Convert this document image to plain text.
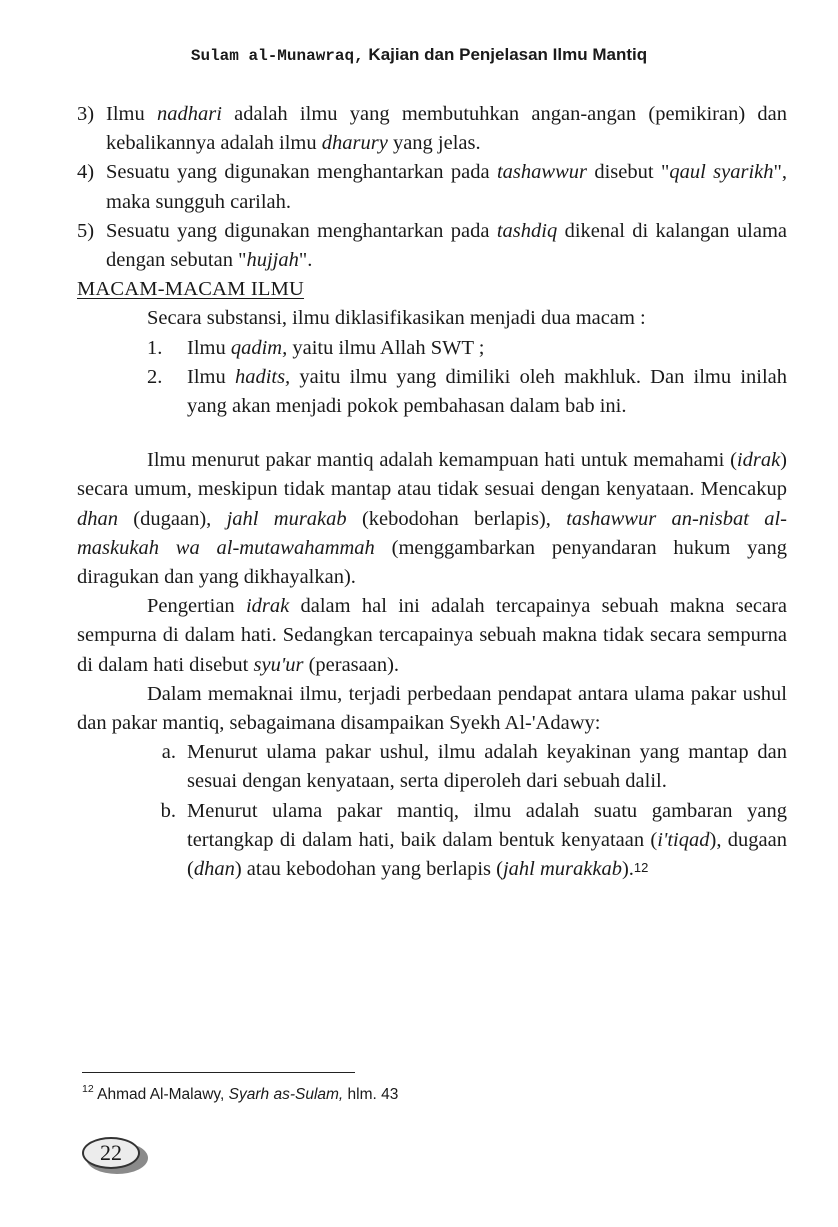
Sulam al-Munawraq, Kajian dan Penjelasan Ilmu Mantiq
3) Ilmu nadhari adalah ilmu yang membutuhkan angan-angan (pemikiran) dan kebalikannya adalah ilmu dharury yang jelas.
4) Sesuatu yang digunakan menghantarkan pada tashawwur disebut "qaul syarikh", maka sungguh carilah.
5) Sesuatu yang digunakan menghantarkan pada tashdiq dikenal di kalangan ulama dengan sebutan "hujjah".

MACAM-MACAM ILMU

Secara substansi, ilmu diklasifikasikan menjadi dua macam :

1.	Ilmu qadim, yaitu ilmu Allah SWT ;
2.	Ilmu hadits, yaitu ilmu yang dimiliki oleh makhluk. Dan ilmu inilah yang akan menjadi pokok pembahasan dalam bab ini.

Ilmu menurut pakar mantiq adalah kemampuan hati untuk memahami (idrak) secara umum, meskipun tidak mantap atau tidak sesuai dengan kenyataan. Mencakup dhan (dugaan), jahl murakab (kebodohan berlapis), tashawwur an-nisbat al-maskukah wa al-mutawahammah (menggambarkan penyandaran hukum yang diragukan dan yang dikhayalkan).

Pengertian idrak dalam hal ini adalah tercapainya sebuah makna secara sempurna di dalam hati. Sedangkan tercapainya sebuah makna tidak secara sempurna di dalam hati disebut syu'ur (perasaan).

Dalam memaknai ilmu, terjadi perbedaan pendapat antara ulama pakar ushul dan pakar mantiq, sebagaimana disampaikan Syekh Al-'Adawy:

a. Menurut ulama pakar ushul, ilmu adalah keyakinan yang mantap dan sesuai dengan kenyataan, serta diperoleh dari sebuah dalil.
b. Menurut ulama pakar mantiq, ilmu adalah suatu gambaran yang tertangkap di dalam hati, baik dalam bentuk kenyataan (i'tiqad), dugaan (dhan) atau kebodohan yang berlapis (jahl murakkab).$^{12}$
$^{12}$ Ahmad Al-Malawy, Syarh as-Sulam, hlm. 43
22
